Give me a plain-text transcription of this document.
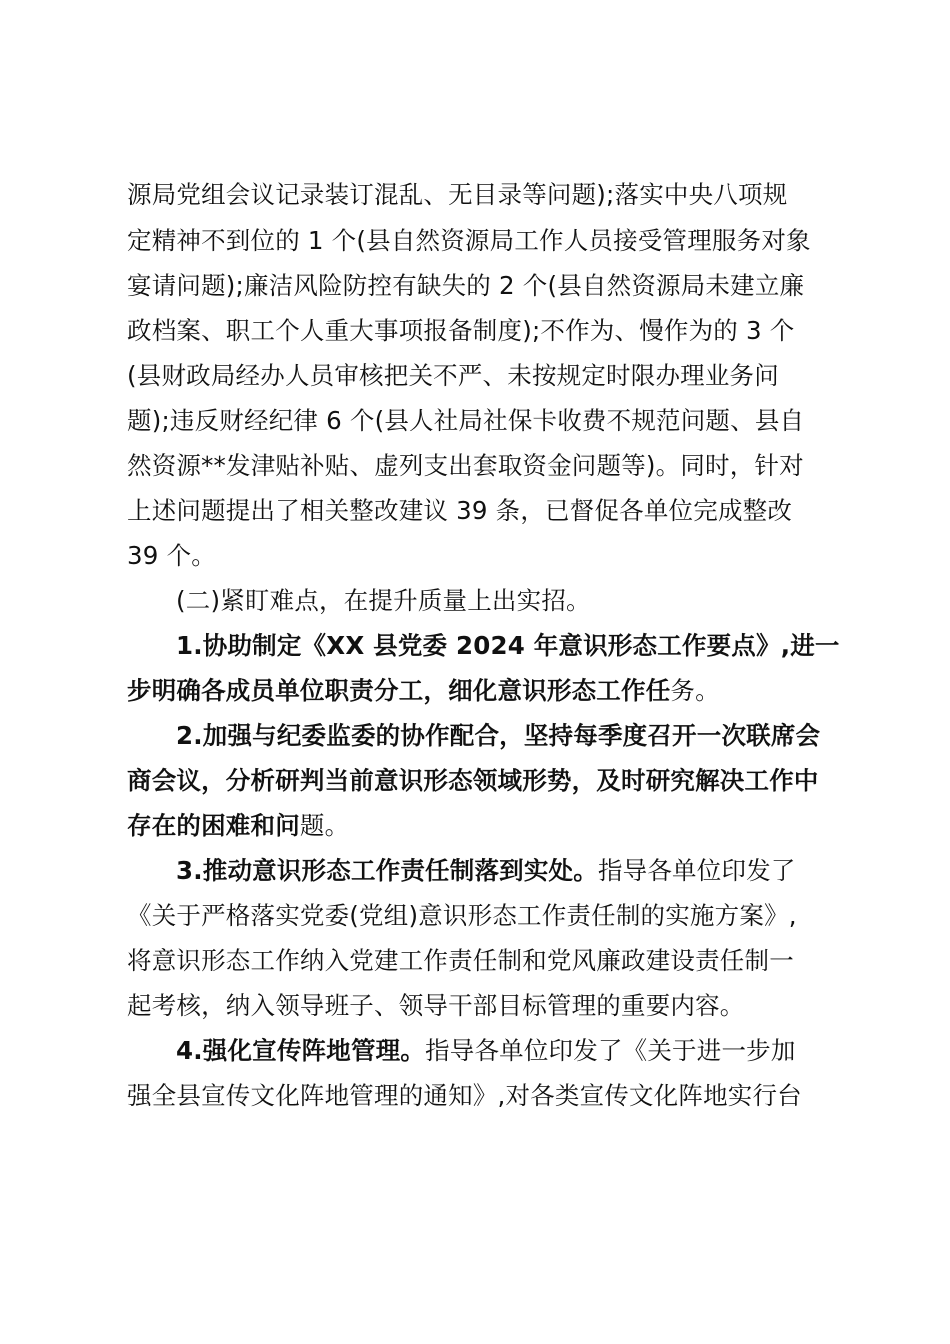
源局党组会议记录装订混乱、无目录等问题);落实中央八项规
定精神不到位的 1 个(县自然资源局工作人员接受管理服务对象
宴请问题);廉洁风险防控有缺失的 2 个(县自然资源局未建立廉
政档案、职工个人重大事项报备制度);不作为、慢作为的 3 个
(县财政局经办人员审核把关不严、未按规定时限办理业务问
题);违反财经纪律 6 个(县人社局社保卡收费不规范问题、县自
然资源**发津贴补贴、虚列支出套取资金问题等)。同时，针对
上述问题提出了相关整改建议 39 条，已督促各单位完成整改
39 个。
(二)紧盯难点，在提升质量上出实招。
1.协助制定《XX 县党委 2024 年意识形态工作要点》,进一
步明确各成员单位职责分工，细化意识形态工作任务。
2.加强与纪委监委的协作配合，坚持每季度召开一次联席会
商会议，分析研判当前意识形态领域形势，及时研究解决工作中
存在的困难和问题。
3.推动意识形态工作责任制落到实处。指导各单位印发了
《关于严格落实党委(党组)意识形态工作责任制的实施方案》,
将意识形态工作纳入党建工作责任制和党风廉政建设责任制一
起考核，纳入领导班子、领导干部目标管理的重要内容。
4.强化宣传阵地管理。指导各单位印发了《关于进一步加
强全县宣传文化阵地管理的通知》,对各类宣传文化阵地实行台
